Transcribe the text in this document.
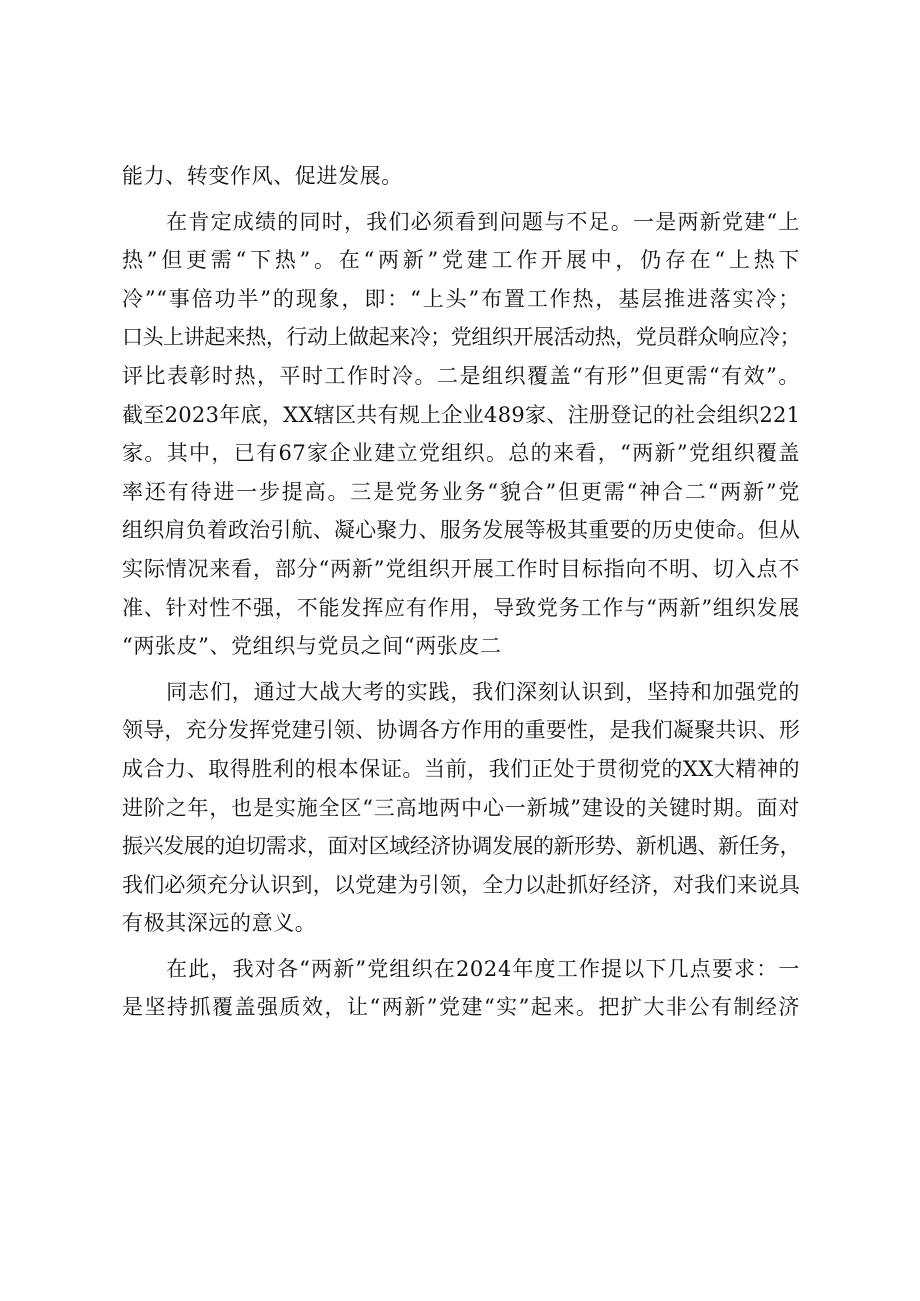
能力、转变作风、促进发展。

在肯定成绩的同时，我们必须看到问题与不足。一是两新党建“上
热”但更需“下热”。在“两新”党建工作开展中，仍存在“上热下
冷”“事倍功半”的现象，即：“上头”布置工作热，基层推进落实冷；
口头上讲起来热，行动上做起来冷；党组织开展活动热，党员群众响应冷；
评比表彰时热，平时工作时冷。二是组织覆盖“有形”但更需“有效”。
截至2023年底，XX辖区共有规上企业489家、注册登记的社会组织221
家。其中，已有67家企业建立党组织。总的来看，“两新”党组织覆盖
率还有待进一步提高。三是党务业务“貌合”但更需“神合二“两新”党
组织肩负着政治引航、凝心聚力、服务发展等极其重要的历史使命。但从
实际情况来看，部分“两新”党组织开展工作时目标指向不明、切入点不
准、针对性不强，不能发挥应有作用，导致党务工作与“两新”组织发展
“两张皮”、党组织与党员之间“两张皮二

同志们，通过大战大考的实践，我们深刻认识到，坚持和加强党的
领导，充分发挥党建引领、协调各方作用的重要性，是我们凝聚共识、形
成合力、取得胜利的根本保证。当前，我们正处于贯彻党的XX大精神的
进阶之年，也是实施全区“三高地两中心一新城”建设的关键时期。面对
振兴发展的迫切需求，面对区域经济协调发展的新形势、新机遇、新任务，
我们必须充分认识到，以党建为引领，全力以赴抓好经济，对我们来说具
有极其深远的意义。

在此，我对各“两新”党组织在2024年度工作提以下几点要求：一
是坚持抓覆盖强质效，让“两新”党建“实”起来。把扩大非公有制经济
